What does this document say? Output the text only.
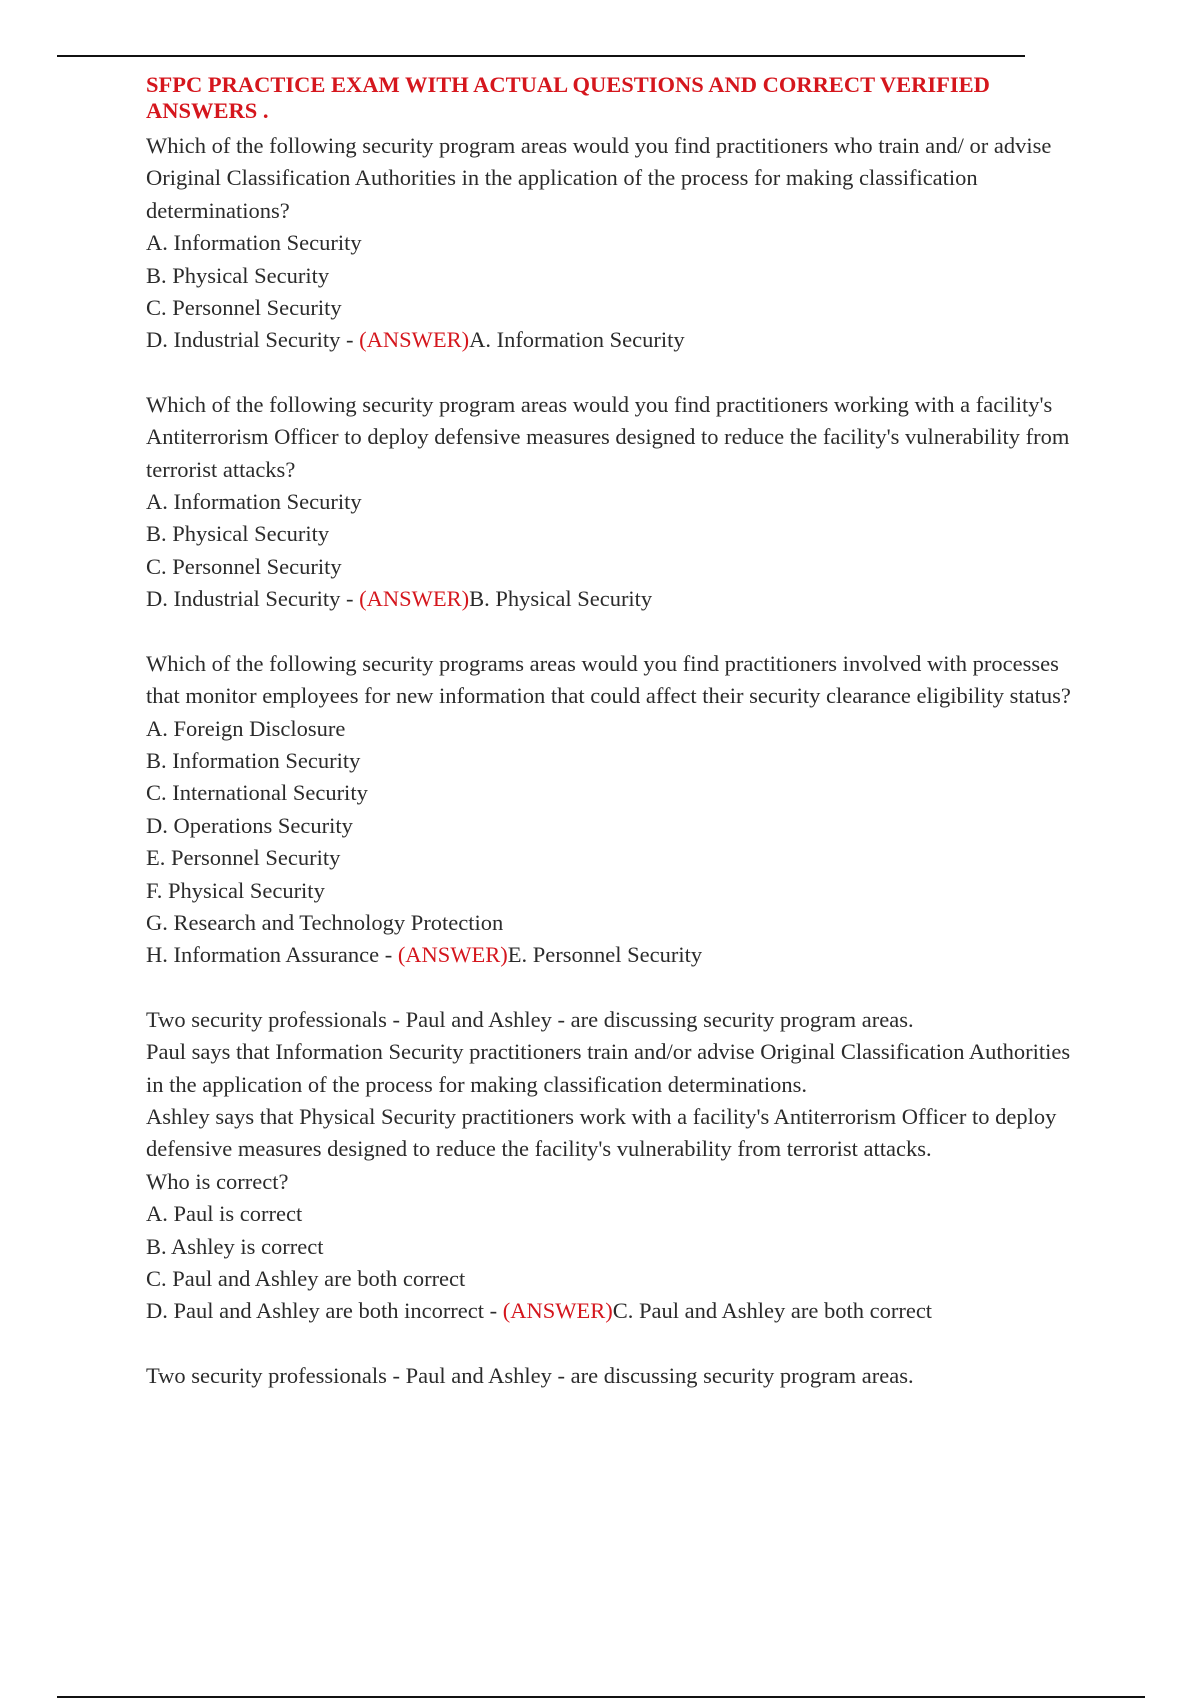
SFPC PRACTICE EXAM WITH ACTUAL QUESTIONS AND CORRECT VERIFIED ANSWERS .

Which of the following security program areas would you find practitioners who train and/ or advise Original Classification Authorities in the application of the process for making classification determinations?

A. Information Security
B. Physical Security
C. Personnel Security
D. Industrial Security - (ANSWER)A. Information Security

Which of the following security program areas would you find practitioners working with a facility's Antiterrorism Officer to deploy defensive measures designed to reduce the facility's vulnerability from terrorist attacks?

A. Information Security
B. Physical Security
C. Personnel Security
D. Industrial Security - (ANSWER)B. Physical Security

Which of the following security programs areas would you find practitioners involved with processes that monitor employees for new information that could affect their security clearance eligibility status?

A. Foreign Disclosure
B. Information Security
C. International Security
D. Operations Security
E. Personnel Security
F. Physical Security
G. Research and Technology Protection
H. Information Assurance - (ANSWER)E. Personnel Security

Two security professionals - Paul and Ashley - are discussing security program areas.

Paul says that Information Security practitioners train and/or advise Original Classification Authorities in the application of the process for making classification determinations.

Ashley says that Physical Security practitioners work with a facility's Antiterrorism Officer to deploy defensive measures designed to reduce the facility's vulnerability from terrorist attacks.

Who is correct?

A. Paul is correct
B. Ashley is correct
C. Paul and Ashley are both correct
D. Paul and Ashley are both incorrect - (ANSWER)C. Paul and Ashley are both correct

Two security professionals - Paul and Ashley - are discussing security program areas.
